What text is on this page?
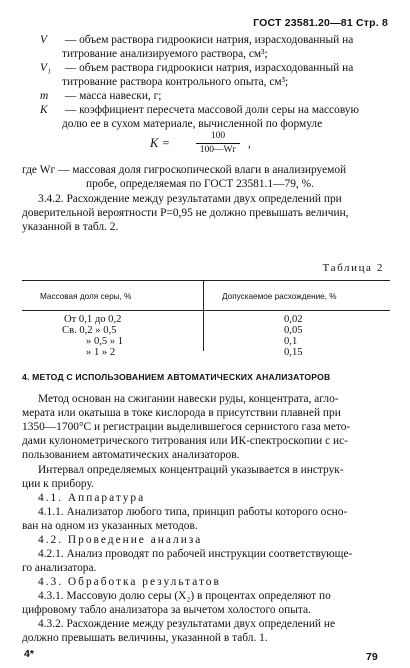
ГОСТ 23581.20—81 Стр. 8
V — объем раствора гидроокиси натрия, израсходованный на
титрование анализируемого раствора, см³;
V₁ — объем раствора гидроокиси натрия, израсходованный на
титрование раствора контрольного опыта, см³;
m — масса навески, г;
K — коэффициент пересчета массовой доли серы на массовую
долю ее в сухом материале, вычисленной по формуле
K =	100
100—Wг	,
где Wг — массовая доля гигроскопической влаги в анализируемой
пробе, определяемая по ГОСТ 23581.1—79, %.
3.4.2. Расхождение между результатами двух определений при
доверительной вероятности P=0,95 не должно превышать величин,
указанной в табл. 2.
Таблица 2
Массовая доля серы, %	Допускаемое расхождение, %
От 0,1 до 0,2	0,02
Св. 0,2 » 0,5	0,05
» 0,5 » 1	0,1
» 1 » 2	0,15
4. МЕТОД С ИСПОЛЬЗОВАНИЕМ АВТОМАТИЧЕСКИХ АНАЛИЗАТОРОВ
Метод основан на сжигании навески руды, концентрата, агло-
мерата или окатыша в токе кислорода в присутствии плавней при
1350—1700°С и регистрации выделившегося сернистого газа мето-
дами кулонометрического титрования или ИК-спектроскопии с ис-
пользованием автоматических анализаторов.
Интервал определяемых концентраций указывается в инструк-
ции к прибору.
4.1. Аппаратура
4.1.1. Анализатор любого типа, принцип работы которого осно-
ван на одном из указанных методов.
4.2. Проведение анализа
4.2.1. Анализ проводят по рабочей инструкции соответствующе-
го анализатора.
4.3. Обработка результатов
4.3.1. Массовую долю серы (X₂) в процентах определяют по
цифровому табло анализатора за вычетом холостого опыта.
4.3.2. Расхождение между результатами двух определений не
должно превышать величины, указанной в табл. 1.
4*	79
